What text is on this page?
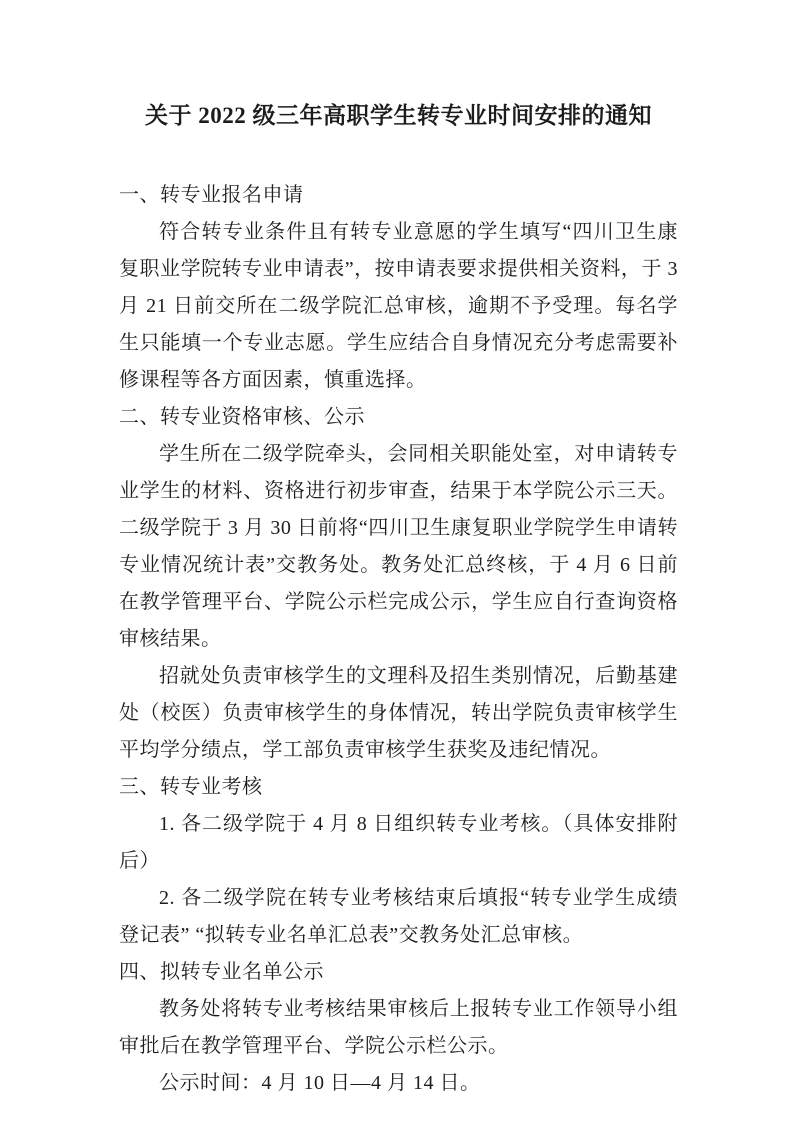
关于 2022 级三年高职学生转专业时间安排的通知

一、转专业报名申请

符合转专业条件且有转专业意愿的学生填写“四川卫生康复职业学院转专业申请表”，按申请表要求提供相关资料，于 3 月 21 日前交所在二级学院汇总审核，逾期不予受理。每名学生只能填一个专业志愿。学生应结合自身情况充分考虑需要补修课程等各方面因素，慎重选择。

二、转专业资格审核、公示

学生所在二级学院牵头，会同相关职能处室，对申请转专业学生的材料、资格进行初步审查，结果于本学院公示三天。二级学院于 3 月 30 日前将“四川卫生康复职业学院学生申请转专业情况统计表”交教务处。教务处汇总终核，于 4 月 6 日前在教学管理平台、学院公示栏完成公示，学生应自行查询资格审核结果。

招就处负责审核学生的文理科及招生类别情况，后勤基建处（校医）负责审核学生的身体情况，转出学院负责审核学生平均学分绩点，学工部负责审核学生获奖及违纪情况。

三、转专业考核

1. 各二级学院于 4 月 8 日组织转专业考核。（具体安排附后）

2. 各二级学院在转专业考核结束后填报“转专业学生成绩登记表” “拟转专业名单汇总表”交教务处汇总审核。

四、拟转专业名单公示

教务处将转专业考核结果审核后上报转专业工作领导小组审批后在教学管理平台、学院公示栏公示。

公示时间：4 月 10 日—4 月 14 日。
